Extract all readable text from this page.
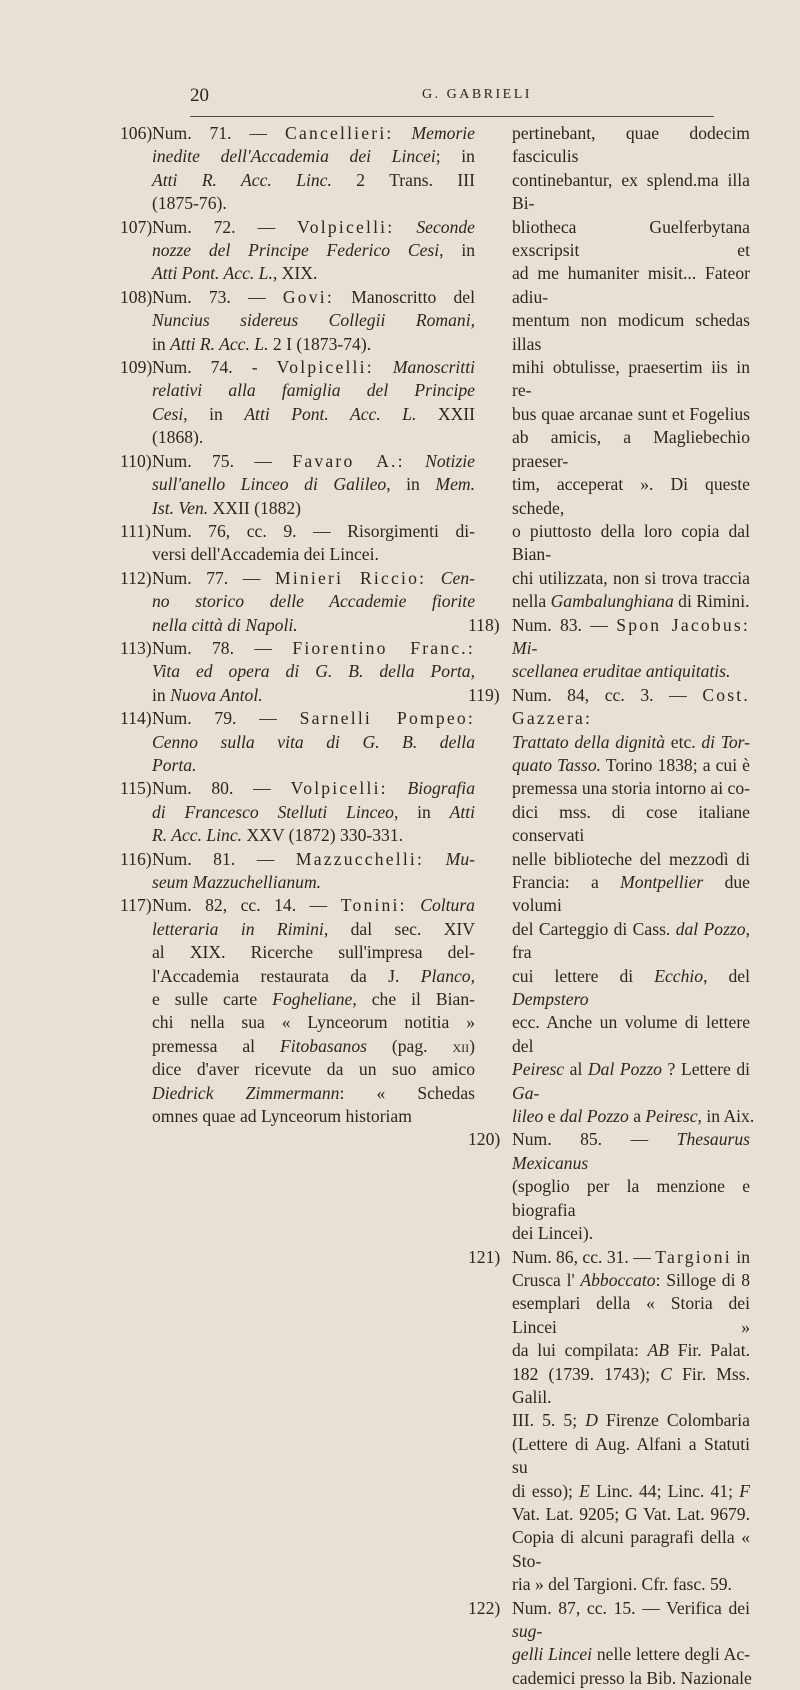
20	G. GABRIELI
106) Num. 71. — Cancellieri: Memorie
inedite dell'Accademia dei Lincei; in
Atti R. Acc. Linc. 2 Trans. III
(1875-76).
107) Num. 72. — Volpicelli: Seconde
nozze del Principe Federico Cesi, in
Atti Pont. Acc. L., XIX.
108) Num. 73. — Govi: Manoscritto del
Nuncius sidereus Collegii Romani,
in Atti R. Acc. L. 2 I (1873-74).
109) Num. 74. - Volpicelli: Manoscritti
relativi alla famiglia del Principe
Cesi, in Atti Pont. Acc. L. XXII
(1868).
110) Num. 75. — Favaro A.: Notizie
sull'anello Linceo di Galileo, in Mem.
Ist. Ven. XXII (1882)
111) Num. 76, cc. 9. — Risorgimenti di-
versi dell'Accademia dei Lincei.
112) Num. 77. — Minieri Riccio: Cen-
no storico delle Accademie fiorite
nella città di Napoli.
113) Num. 78. — Fiorentino Franc.:
Vita ed opera di G. B. della Porta,
in Nuova Antol.
114) Num. 79. — Sarnelli Pompeo:
Cenno sulla vita di G. B. della
Porta.
115) Num. 80. — Volpicelli: Biografia
di Francesco Stelluti Linceo, in Atti
R. Acc. Linc. XXV (1872) 330-331.
116) Num. 81. — Mazzucchelli: Mu-
seum Mazzuchellianum.
117) Num. 82, cc. 14. — Tonini: Coltura
letteraria in Rimini, dal sec. XIV
al XIX. Ricerche sull'impresa del-
l'Accademia restaurata da J. Planco,
e sulle carte Fogheliane, che il Bian-
chi nella sua « Lynceorum notitia »
premessa al Fitobasanos (pag. xii)
dice d'aver ricevute da un suo amico
Diedrick Zimmermann: « Schedas
omnes quae ad Lynceorum historiam
pertinebant, quae dodecim fasciculis
continebantur, ex splend.ma illa Bi-
bliotheca Guelferbytana exscripsit et
ad me humaniter misit... Fateor adiu-
mentum non modicum schedas illas
mihi obtulisse, praesertim iis in re-
bus quae arcanae sunt et Fogelius
ab amicis, a Magliebechio praeser-
tim, acceperat ». Di queste schede,
o piuttosto della loro copia dal Bian-
chi utilizzata, non si trova traccia
nella Gambalunghiana di Rimini.
118) Num. 83. — Spon Jacobus: Mi-
scellanea eruditae antiquitatis.
119) Num. 84, cc. 3. — Cost. Gazzera:
Trattato della dignità etc. di Tor-
quato Tasso. Torino 1838; a cui è
premessa una storia intorno ai co-
dici mss. di cose italiane conservati
nelle biblioteche del mezzodì di
Francia: a Montpellier due volumi
del Carteggio di Cass. dal Pozzo, fra
cui lettere di Ecchio, del Dempstero
ecc. Anche un volume di lettere del
Peiresc al Dal Pozzo ? Lettere di Ga-
lileo e dal Pozzo a Peiresc, in Aix.
120) Num. 85. — Thesaurus Mexicanus
(spoglio per la menzione e biografia
dei Lincei).
121) Num. 86, cc. 31. — Targioni in
Crusca l' Abboccato: Silloge di 8
esemplari della « Storia dei Lincei »
da lui compilata: AB Fir. Palat.
182 (1739. 1743); C Fir. Mss. Galil.
III. 5. 5; D Firenze Colombaria
(Lettere di Aug. Alfani a Statuti su
di esso); E Linc. 44; Linc. 41; F
Vat. Lat. 9205; G Vat. Lat. 9679.
Copia di alcuni paragrafi della « Sto-
ria » del Targioni. Cfr. fasc. 59.
122) Num. 87, cc. 15. — Verifica dei sug-
gelli Lincei nelle lettere degli Ac-
cademici presso la Bib. Nazionale
